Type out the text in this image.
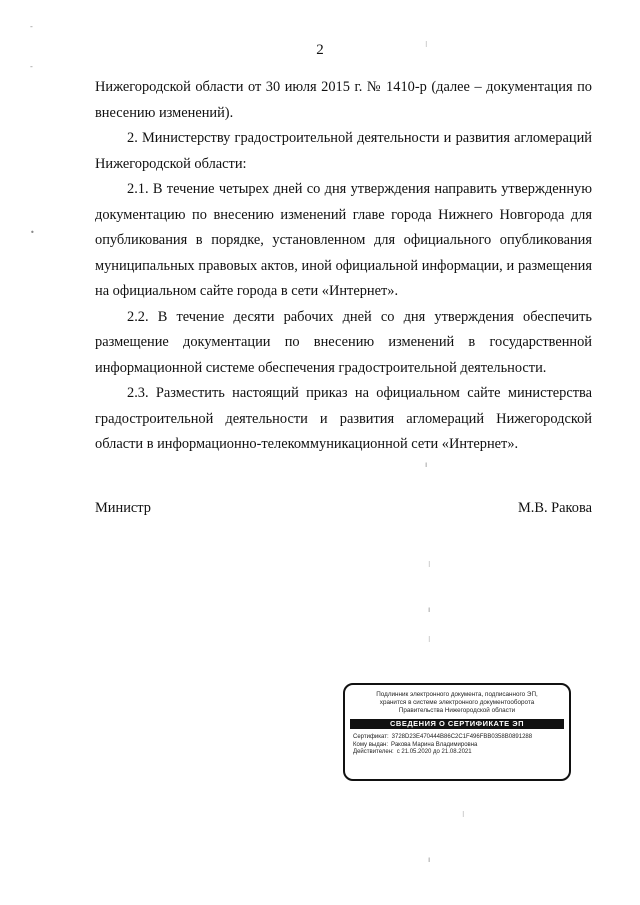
2

Нижегородской области от 30 июля 2015 г. № 1410-р (далее – документация по внесению изменений).

2. Министерству градостроительной деятельности и развития агломераций Нижегородской области:

2.1. В течение четырех дней со дня утверждения направить утвержденную документацию по внесению изменений главе города Нижнего Новгорода для опубликования в порядке, установленном для официального опубликования муниципальных правовых актов, иной официальной информации, и размещения на официальном сайте города в сети «Интернет».

2.2. В течение десяти рабочих дней со дня утверждения обеспечить размещение документации по внесению изменений в государственной информационной системе обеспечения градостроительной деятельности.

2.3. Разместить настоящий приказ на официальном сайте министерства градостроительной деятельности и развития агломераций Нижегородской области в информационно-телекоммуникационной сети «Интернет».

Министр	М.В. Ракова
Подлинник электронного документа, подписанного ЭП,
хранится в системе электронного документооборота
Правительства Нижегородской области
СВЕДЕНИЯ О СЕРТИФИКАТЕ ЭП
Сертификат: 3728D23E470444B86C2C1F496FBB0358B0891288
Кому выдан: Ракова Марина Владимировна
Действителен: с 21.05.2020 до 21.08.2021
-
-
•
⁝
ı
⁝
ı
⁝
⁝
ı
